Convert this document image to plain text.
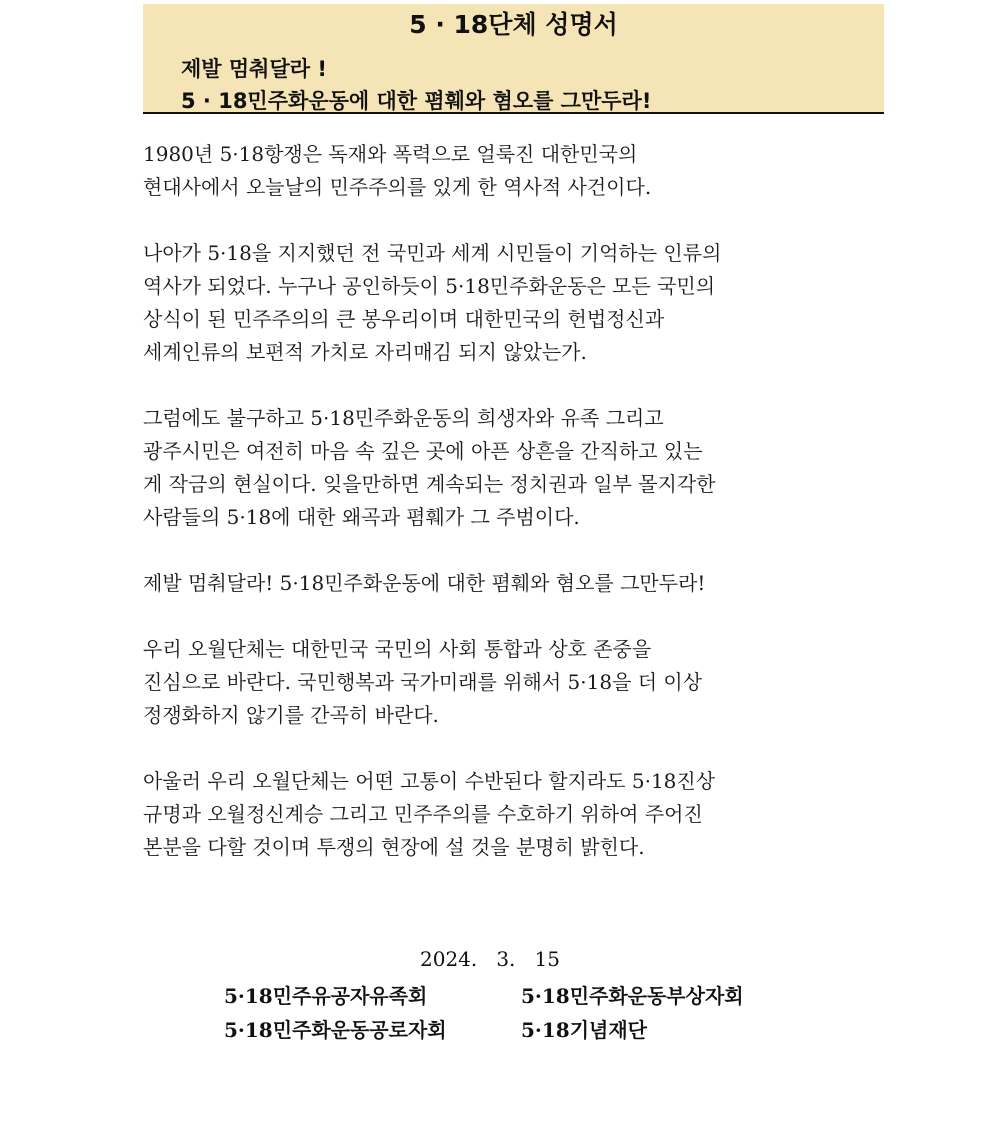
5 · 18단체 성명서
제발 멈춰달라 !
5 · 18민주화운동에 대한 폄훼와 혐오를 그만두라!
1980년 5·18항쟁은 독재와 폭력으로 얼룩진 대한민국의
현대사에서 오늘날의 민주주의를 있게 한 역사적 사건이다.
나아가 5·18을 지지했던 전 국민과 세계 시민들이 기억하는 인류의
역사가 되었다. 누구나 공인하듯이 5·18민주화운동은 모든 국민의
상식이 된 민주주의의 큰 봉우리이며 대한민국의 헌법정신과
세계인류의 보편적 가치로 자리매김 되지 않았는가.
그럼에도 불구하고 5·18민주화운동의 희생자와 유족 그리고
광주시민은 여전히 마음 속 깊은 곳에 아픈 상흔을 간직하고 있는
게 작금의 현실이다. 잊을만하면 계속되는 정치권과 일부 몰지각한
사람들의 5·18에 대한 왜곡과 폄훼가 그 주범이다.
제발 멈춰달라! 5·18민주화운동에 대한 폄훼와 혐오를 그만두라!
우리 오월단체는 대한민국 국민의 사회 통합과 상호 존중을
진심으로 바란다. 국민행복과 국가미래를 위해서 5·18을 더 이상
정쟁화하지 않기를 간곡히 바란다.
아울러 우리 오월단체는 어떤 고통이 수반된다 할지라도 5·18진상
규명과 오월정신계승 그리고 민주주의를 수호하기 위하여 주어진
본분을 다할 것이며 투쟁의 현장에 설 것을 분명히 밝힌다.
2024.   3.   15
5·18민주유공자유족회	5·18민주화운동부상자회
5·18민주화운동공로자회	5·18기념재단
